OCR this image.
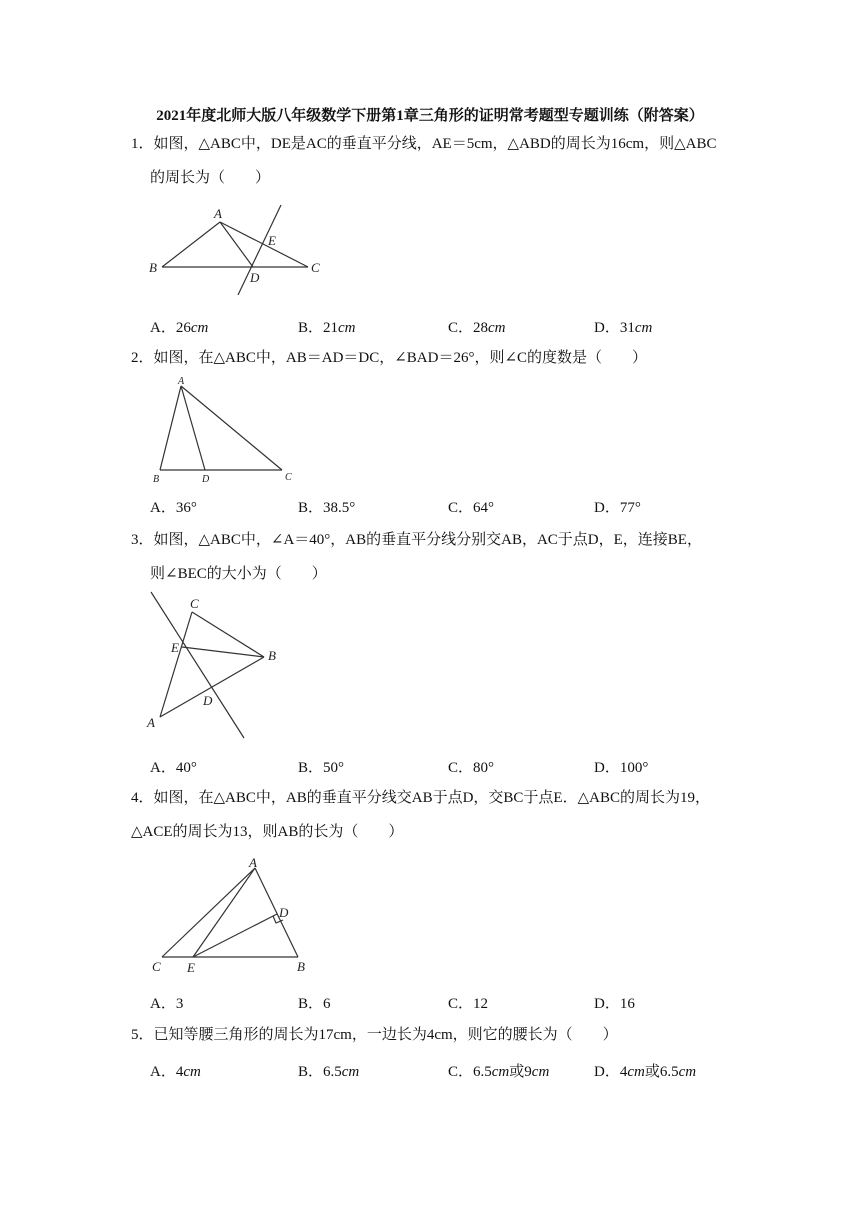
2021年度北师大版八年级数学下册第1章三角形的证明常考题型专题训练（附答案）
1．如图，△ABC中，DE是AC的垂直平分线，AE＝5cm，△ABD的周长为16cm，则△ABC
的周长为（　　）
A
B	C
D
E
A．26cm	B．21cm	C．28cm	D．31cm
2．如图，在△ABC中，AB＝AD＝DC，∠BAD＝26°，则∠C的度数是（　　）
A
B	C
D
A．36°	B．38.5°	C．64°	D．77°
3．如图，△ABC中，∠A＝40°，AB的垂直平分线分别交AB，AC于点D，E，连接BE，
则∠BEC的大小为（　　）
A
B
C
D
E
A．40°	B．50°	C．80°	D．100°
4．如图，在△ABC中，AB的垂直平分线交AB于点D，交BC于点E．△ABC的周长为19，
△ACE的周长为13，则AB的长为（　　）
A
B
C
D
E
A．3	B．6	C．12	D．16
5．已知等腰三角形的周长为17cm，一边长为4cm，则它的腰长为（　　）
A．4cm	B．6.5cm	C．6.5cm或9cm	D．4cm或6.5cm
